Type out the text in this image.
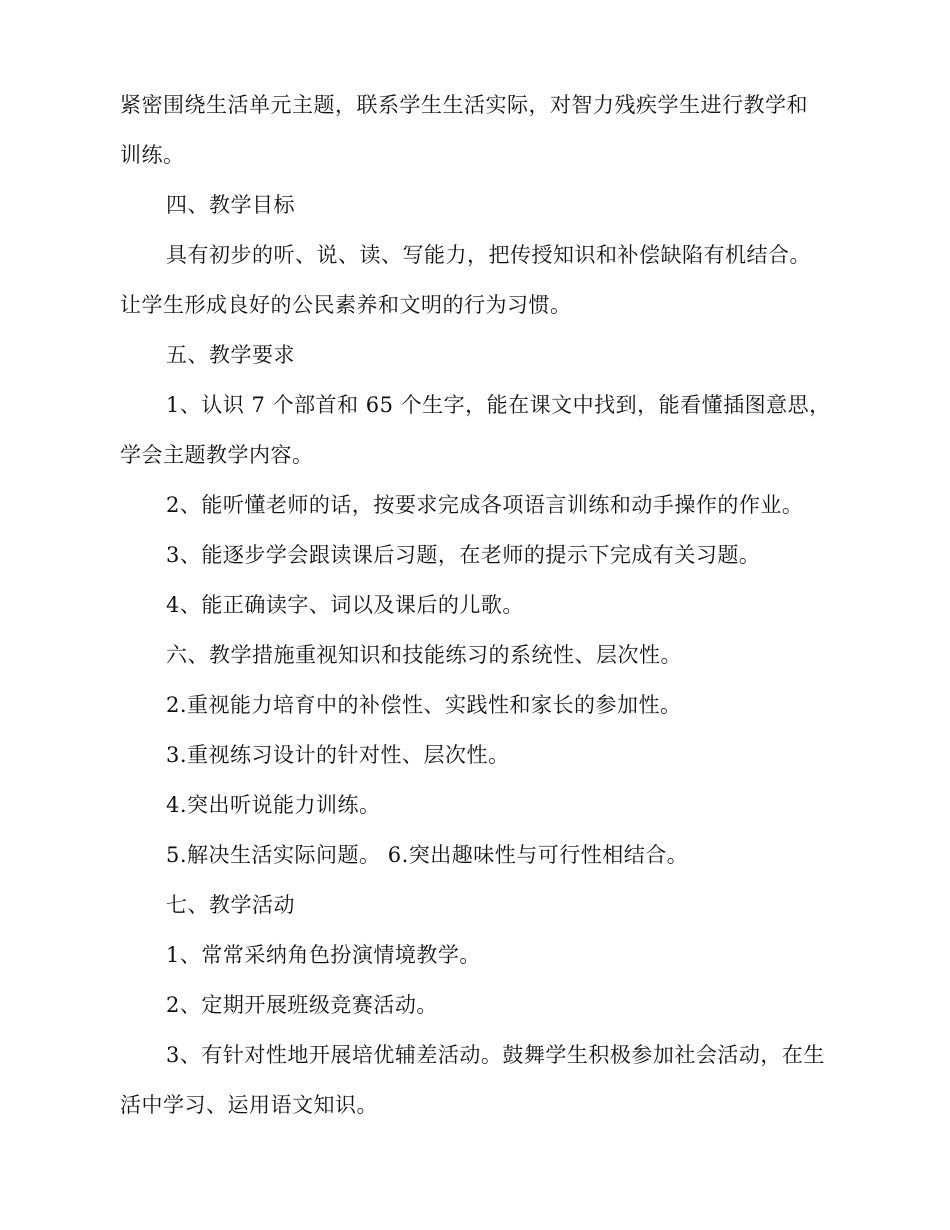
紧密围绕生活单元主题，联系学生生活实际，对智力残疾学生进行教学和
训练。
四、教学目标
具有初步的听、说、读、写能力，把传授知识和补偿缺陷有机结合。
让学生形成良好的公民素养和文明的行为习惯。
五、教学要求
1、认识 7 个部首和 65 个生字，能在课文中找到，能看懂插图意思，
学会主题教学内容。
2、能听懂老师的话，按要求完成各项语言训练和动手操作的作业。
3、能逐步学会跟读课后习题，在老师的提示下完成有关习题。
4、能正确读字、词以及课后的儿歌。
六、教学措施重视知识和技能练习的系统性、层次性。
2.重视能力培育中的补偿性、实践性和家长的参加性。
3.重视练习设计的针对性、层次性。
4.突出听说能力训练。
5.解决生活实际问题。 6.突出趣味性与可行性相结合。
七、教学活动
1、常常采纳角色扮演情境教学。
2、定期开展班级竞赛活动。
3、有针对性地开展培优辅差活动。鼓舞学生积极参加社会活动，在生
活中学习、运用语文知识。
